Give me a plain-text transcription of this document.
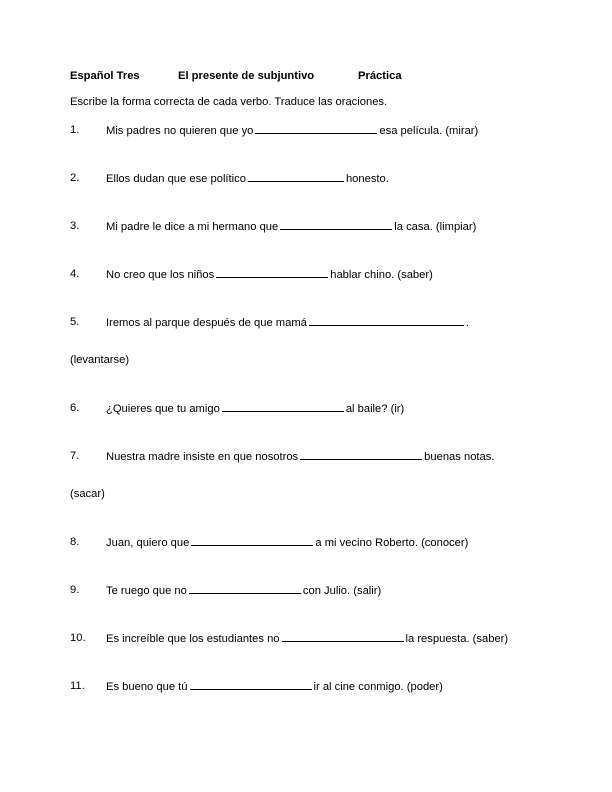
Español Tres	El presente de subjuntivo	Práctica
Escribe la forma correcta de cada verbo. Traduce las oraciones.
1.	Mis padres no quieren que yo	esa película. (mirar)
2.	Ellos dudan que ese político	honesto.
3.	Mi padre le dice a mi hermano que	la casa. (limpiar)
4.	No creo que los niños	hablar chino. (saber)
5.	Iremos al parque después de que mamá	.
(levantarse)
6.	¿Quieres que tu amigo	al baile? (ir)
7.	Nuestra madre insiste en que nosotros	buenas notas.
(sacar)
8.	Juan, quiero que	a mi vecino Roberto. (conocer)
9.	Te ruego que no	con Julio. (salir)
10.	Es increíble que los estudiantes no	la respuesta. (saber)
11.	Es bueno que tú	ir al cine conmigo. (poder)
